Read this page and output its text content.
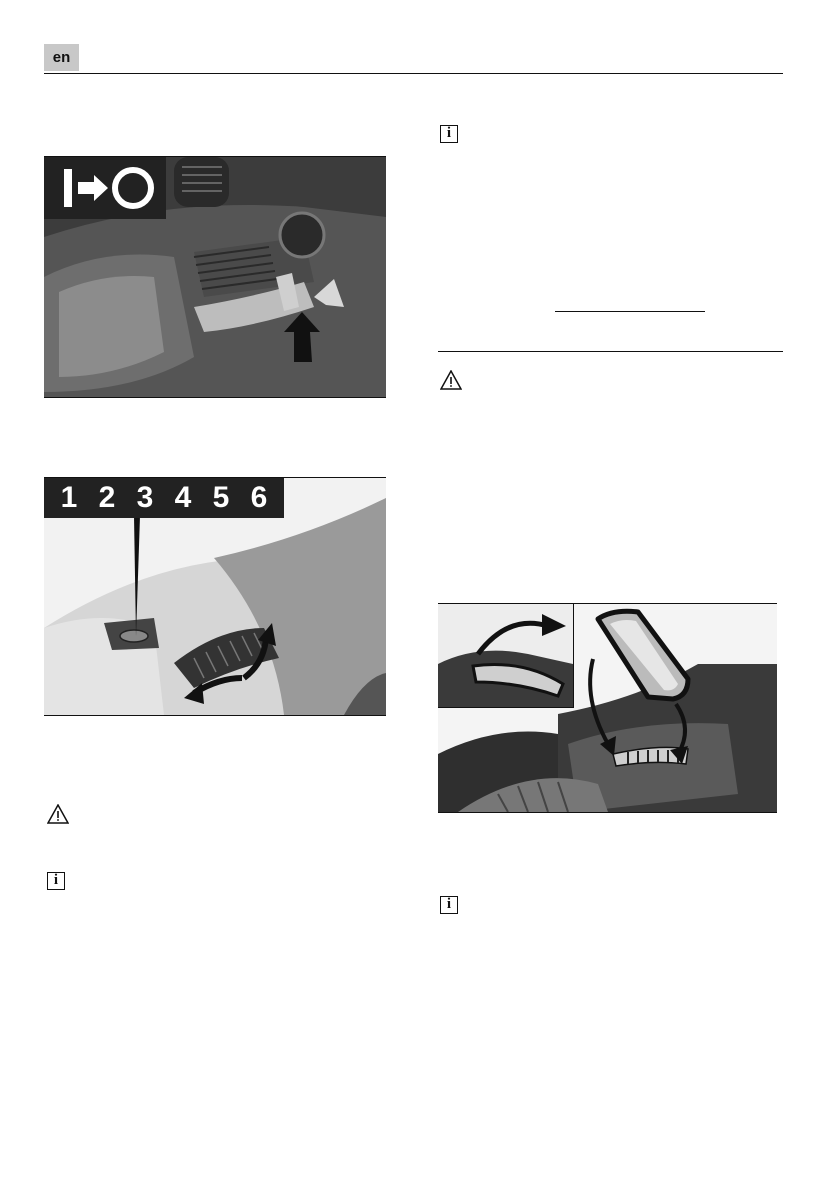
en
1 2 3 4 5 6
i
i
i
